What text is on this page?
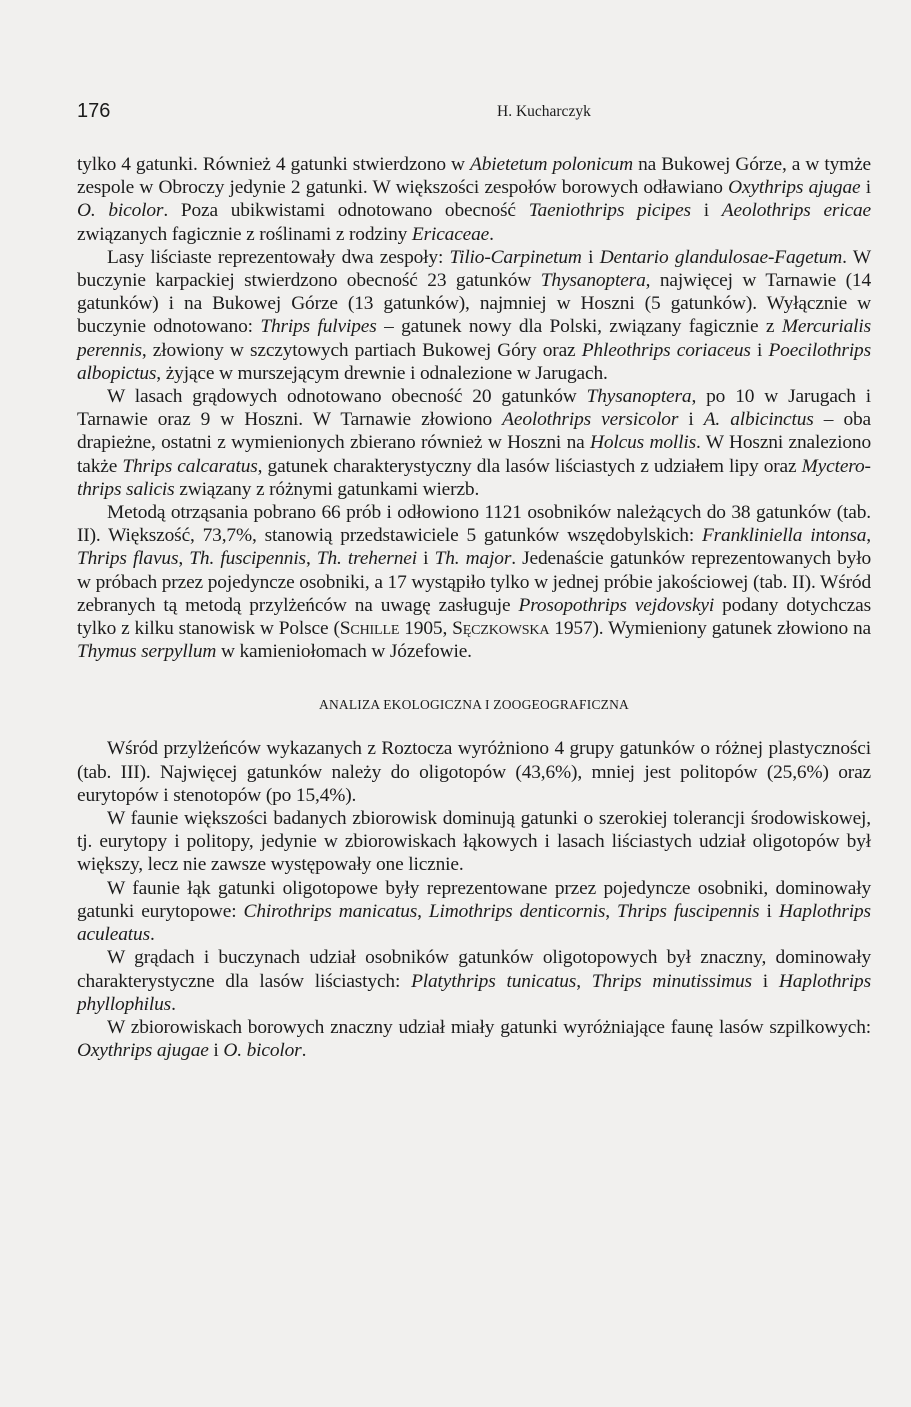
176	H. Kucharczyk

tylko 4 gatunki. Również 4 gatunki stwierdzono w Abietetum polonicum na Bukowej Górze, a w tymże zespole w Obroczy jedynie 2 gatunki. W większości zespołów borowych odławiano Oxythrips ajugae i O. bicolor. Poza ubikwistami odnotowano obecność Taeniothrips picipes i Aeolothrips ericae związanych fagicznie z roślinami z rodziny Ericaceae.

Lasy liściaste reprezentowały dwa zespoły: Tilio-Carpinetum i Dentario glandulosae-Fagetum. W buczynie karpackiej stwierdzono obecność 23 gatunków Thysanoptera, najwięcej w Tarnawie (14 gatunków) i na Bukowej Górze (13 gatunków), najmniej w Hoszni (5 gatunków). Wyłącznie w buczynie odnotowano: Thrips fulvipes – gatunek nowy dla Polski, związany fagicznie z Mercurialis perennis, złowiony w szczytowych partiach Bukowej Góry oraz Phleothrips coriaceus i Poecilothrips albopictus, żyjące w murszejącym drewnie i odnalezione w Jarugach.

W lasach grądowych odnotowano obecność 20 gatunków Thysanoptera, po 10 w Jarugach i Tarnawie oraz 9 w Hoszni. W Tarnawie złowiono Aeolothrips versicolor i A. albicinctus – oba drapieżne, ostatni z wymienionych zbierano również w Hoszni na Holcus mollis. W Hoszni znaleziono także Thrips calcaratus, gatunek charakterystyczny dla lasów liściastych z udziałem lipy oraz Mycterothrips salicis związany z różnymi gatunkami wierzb.

Metodą otrząsania pobrano 66 prób i odłowiono 1121 osobników należących do 38 gatunków (tab. II). Większość, 73,7%, stanowią przedstawiciele 5 gatunków wszędobylskich: Frankliniella intonsa, Thrips flavus, Th. fuscipennis, Th. trehernei i Th. major. Jedenaście gatunków reprezentowanych było w próbach przez pojedyncze osobniki, a 17 wystąpiło tylko w jednej próbie jakościowej (tab. II). Wśród zebranych tą metodą przylżeńców na uwagę zasługuje Prosopothrips vejdovskyi podany dotychczas tylko z kilku stanowisk w Polsce (Schille 1905, Sęczkowska 1957). Wymieniony gatunek złowiono na Thymus serpyllum w kamieniołomach w Józefowie.

ANALIZA EKOLOGICZNA I ZOOGEOGRAFICZNA

Wśród przylżeńców wykazanych z Roztocza wyróżniono 4 grupy gatunków o różnej plastyczności (tab. III). Najwięcej gatunków należy do oligotopów (43,6%), mniej jest politopów (25,6%) oraz eurytopów i stenotopów (po 15,4%).

W faunie większości badanych zbiorowisk dominują gatunki o szerokiej tolerancji środowiskowej, tj. eurytopy i politopy, jedynie w zbiorowiskach łąkowych i lasach liściastych udział oligotopów był większy, lecz nie zawsze występowały one licznie.

W faunie łąk gatunki oligotopowe były reprezentowane przez pojedyncze osobniki, dominowały gatunki eurytopowe: Chirothrips manicatus, Limothrips denticornis, Thrips fuscipennis i Haplothrips aculeatus.

W grądach i buczynach udział osobników gatunków oligotopowych był znaczny, dominowały charakterystyczne dla lasów liściastych: Platythrips tunicatus, Thrips minutissimus i Haplothrips phyllophilus.

W zbiorowiskach borowych znaczny udział miały gatunki wyróżniające faunę lasów szpilkowych: Oxythrips ajugae i O. bicolor.
